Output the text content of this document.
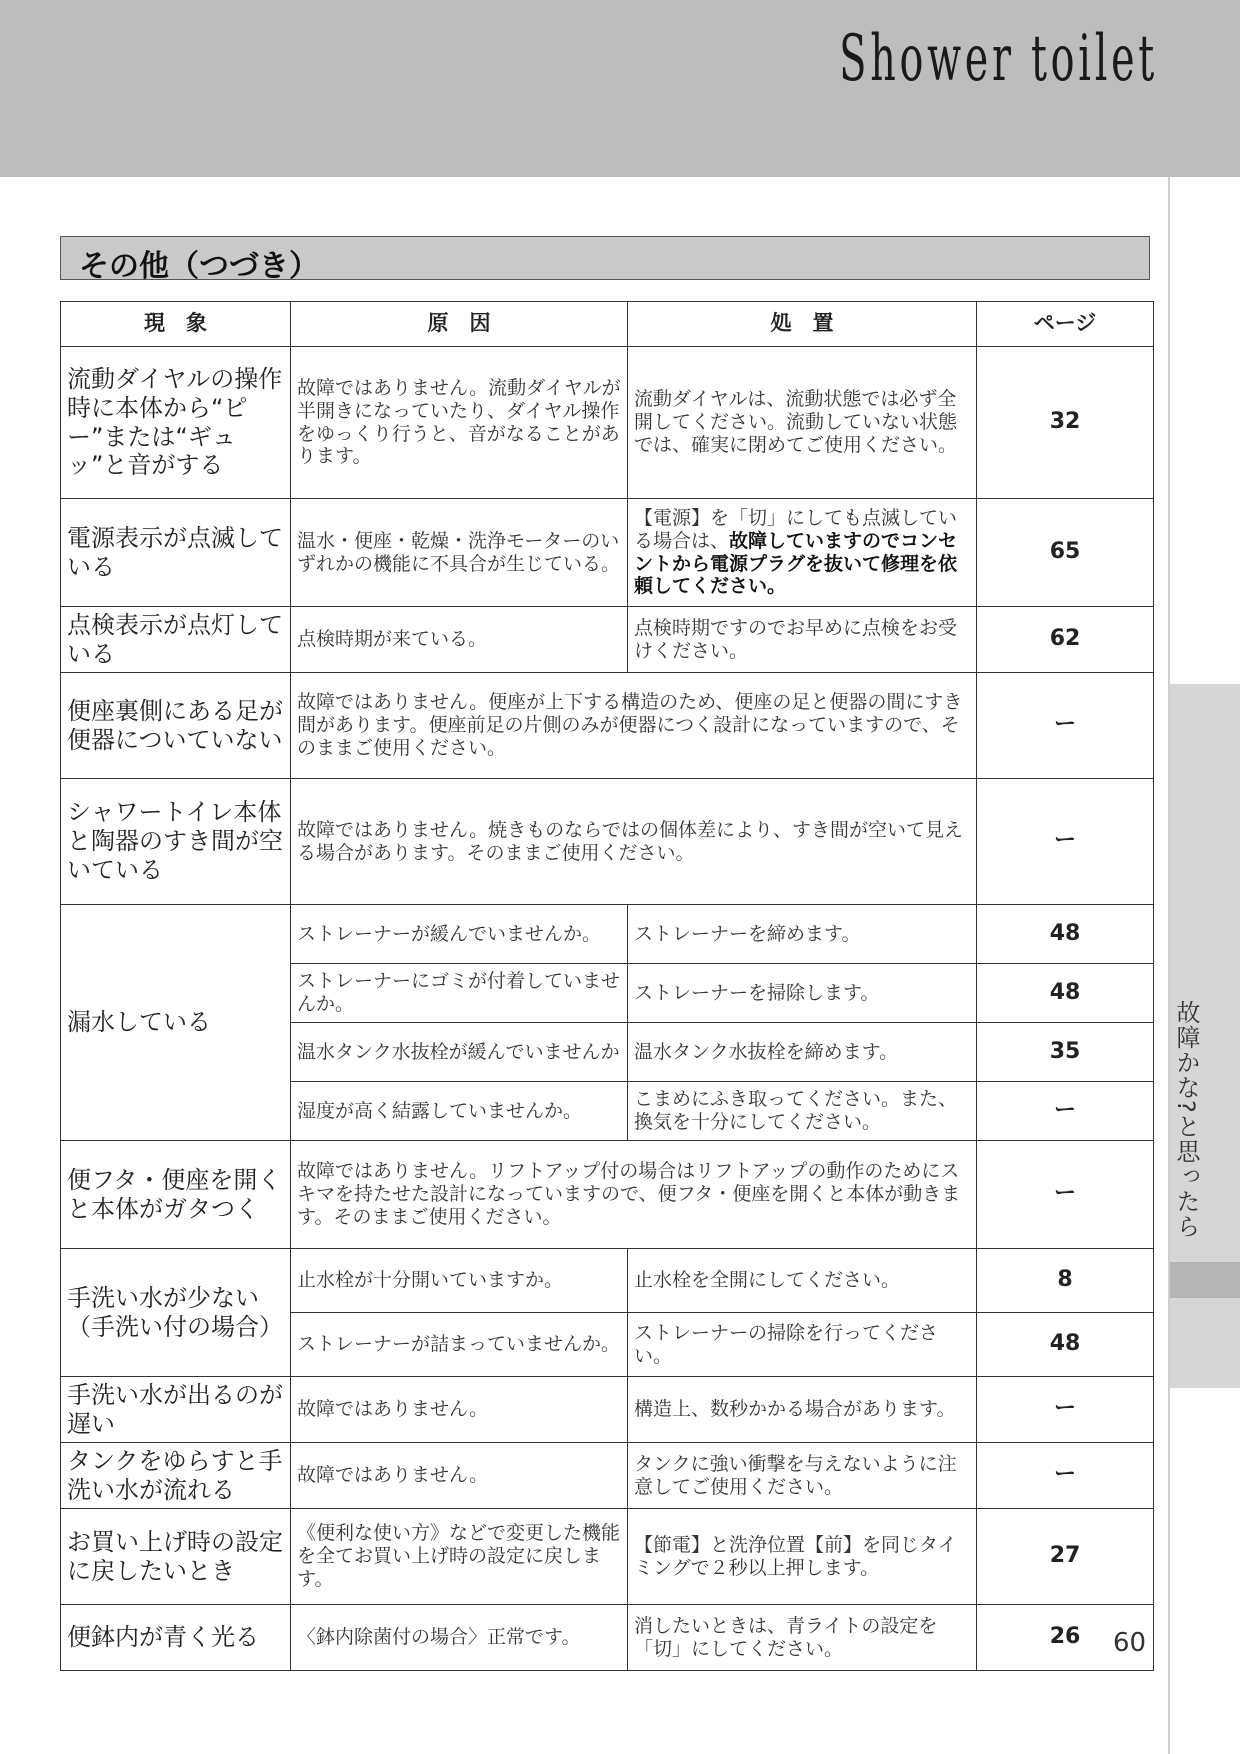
Shower toilet
故障かな?と思ったら
その他（つづき）
現　象	原　因	処　置	ページ
流動ダイヤルの操作時に本体から“ピー”または“ギュッ”と音がする	故障ではありません。流動ダイヤルが半開きになっていたり、ダイヤル操作をゆっくり行うと、音がなることがあります。	流動ダイヤルは、流動状態では必ず全開してください。流動していない状態では、確実に閉めてご使用ください。	32
電源表示が点滅している	温水・便座・乾燥・洗浄モーターのいずれかの機能に不具合が生じている。	【電源】を「切」にしても点滅している場合は、故障していますのでコンセントから電源プラグを抜いて修理を依頼してください。	65
点検表示が点灯している	点検時期が来ている。	点検時期ですのでお早めに点検をお受けください。	62
便座裏側にある足が便器についていない	故障ではありません。便座が上下する構造のため、便座の足と便器の間にすき間があります。便座前足の片側のみが便器につく設計になっていますので、そのままご使用ください。		ー
シャワートイレ本体と陶器のすき間が空いている	故障ではありません。焼きものならではの個体差により、すき間が空いて見える場合があります。そのままご使用ください。		ー
漏水している	ストレーナーが緩んでいませんか。	ストレーナーを締めます。	48
	ストレーナーにゴミが付着していませんか。	ストレーナーを掃除します。	48
	温水タンク水抜栓が緩んでいませんか	温水タンク水抜栓を締めます。	35
	湿度が高く結露していませんか。	こまめにふき取ってください。また、換気を十分にしてください。	ー
便フタ・便座を開くと本体がガタつく	故障ではありません。リフトアップ付の場合はリフトアップの動作のためにスキマを持たせた設計になっていますので、便フタ・便座を開くと本体が動きます。そのままご使用ください。		ー
手洗い水が少ない（手洗い付の場合）	止水栓が十分開いていますか。	止水栓を全開にしてください。	8
	ストレーナーが詰まっていませんか。	ストレーナーの掃除を行ってください。	48
手洗い水が出るのが遅い	故障ではありません。	構造上、数秒かかる場合があります。	ー
タンクをゆらすと手洗い水が流れる	故障ではありません。	タンクに強い衝撃を与えないように注意してご使用ください。	ー
お買い上げ時の設定に戻したいとき	《便利な使い方》などで変更した機能を全てお買い上げ時の設定に戻します。	【節電】と洗浄位置【前】を同じタイミングで２秒以上押します。	27
便鉢内が青く光る	〈鉢内除菌付の場合〉正常です。	消したいときは、青ライトの設定を「切」にしてください。	26 60
